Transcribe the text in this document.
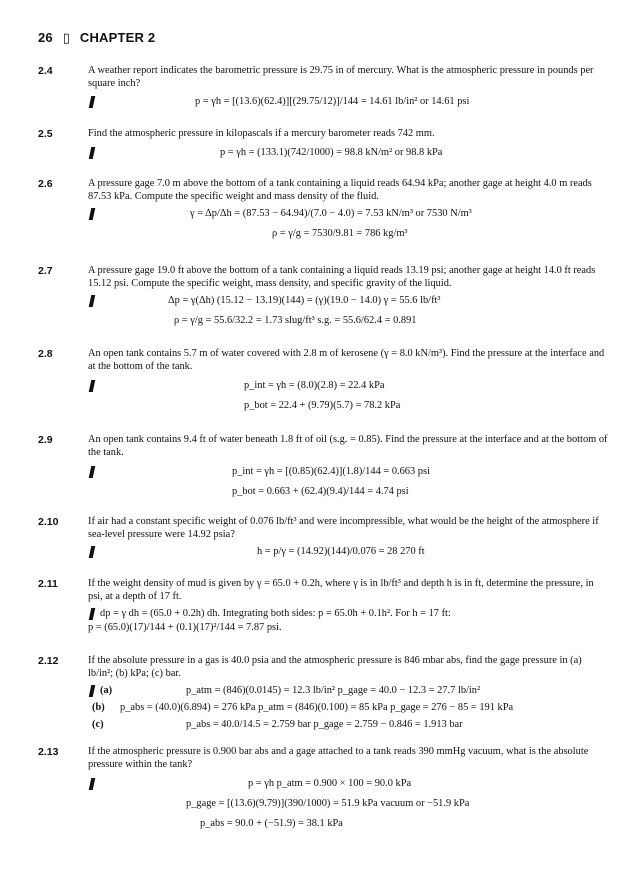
26 ▯ CHAPTER 2
2.4	A weather report indicates the barometric pressure is 29.75 in of mercury. What is the atmospheric pressure in pounds per square inch?
p = γh = [(13.6)(62.4)][(29.75/12)]/144 = 14.61 lb/in² or 14.61 psi
2.5	Find the atmospheric pressure in kilopascals if a mercury barometer reads 742 mm.
p = γh = (133.1)(742/1000) = 98.8 kN/m² or 98.8 kPa
2.6	A pressure gage 7.0 m above the bottom of a tank containing a liquid reads 64.94 kPa; another gage at height 4.0 m reads 87.53 kPa. Compute the specific weight and mass density of the fluid.
γ = Δp/Δh = (87.53 − 64.94)/(7.0 − 4.0) = 7.53 kN/m³ or 7530 N/m³
ρ = γ/g = 7530/9.81 = 786 kg/m³
2.7	A pressure gage 19.0 ft above the bottom of a tank containing a liquid reads 13.19 psi; another gage at height 14.0 ft reads 15.12 psi. Compute the specific weight, mass density, and specific gravity of the liquid.
Δp = γ(Δh) (15.12 − 13.19)(144) = (γ)(19.0 − 14.0) γ = 55.6 lb/ft³
ρ = γ/g = 55.6/32.2 = 1.73 slug/ft³ s.g. = 55.6/62.4 = 0.891
2.8	An open tank contains 5.7 m of water covered with 2.8 m of kerosene (γ = 8.0 kN/m³). Find the pressure at the interface and at the bottom of the tank.
p_int = γh = (8.0)(2.8) = 22.4 kPa
p_bot = 22.4 + (9.79)(5.7) = 78.2 kPa
2.9	An open tank contains 9.4 ft of water beneath 1.8 ft of oil (s.g. = 0.85). Find the pressure at the interface and at the bottom of the tank.
p_int = γh = [(0.85)(62.4)](1.8)/144 = 0.663 psi
p_bot = 0.663 + (62.4)(9.4)/144 = 4.74 psi
2.10	If air had a constant specific weight of 0.076 lb/ft³ and were incompressible, what would be the height of the atmosphere if sea-level pressure were 14.92 psia?
h = p/γ = (14.92)(144)/0.076 = 28 270 ft
2.11	If the weight density of mud is given by γ = 65.0 + 0.2h, where γ is in lb/ft³ and depth h is in ft, determine the pressure, in psi, at a depth of 17 ft.
dp = γ dh = (65.0 + 0.2h) dh. Integrating both sides: p = 65.0h + 0.1h². For h = 17 ft:
p = (65.0)(17)/144 + (0.1)(17)²/144 = 7.87 psi.
2.12	If the absolute pressure in a gas is 40.0 psia and the atmospheric pressure is 846 mbar abs, find the gage pressure in (a) lb/in²; (b) kPa; (c) bar.
(a)	p_atm = (846)(0.0145) = 12.3 lb/in² p_gage = 40.0 − 12.3 = 27.7 lb/in²
(b) p_abs = (40.0)(6.894) = 276 kPa p_atm = (846)(0.100) = 85 kPa p_gage = 276 − 85 = 191 kPa
(c)	p_abs = 40.0/14.5 = 2.759 bar p_gage = 2.759 − 0.846 = 1.913 bar
2.13	If the atmospheric pressure is 0.900 bar abs and a gage attached to a tank reads 390 mmHg vacuum, what is the absolute pressure within the tank?
p = γh p_atm = 0.900 × 100 = 90.0 kPa
p_gage = [(13.6)(9.79)](390/1000) = 51.9 kPa vacuum or −51.9 kPa
p_abs = 90.0 + (−51.9) = 38.1 kPa
